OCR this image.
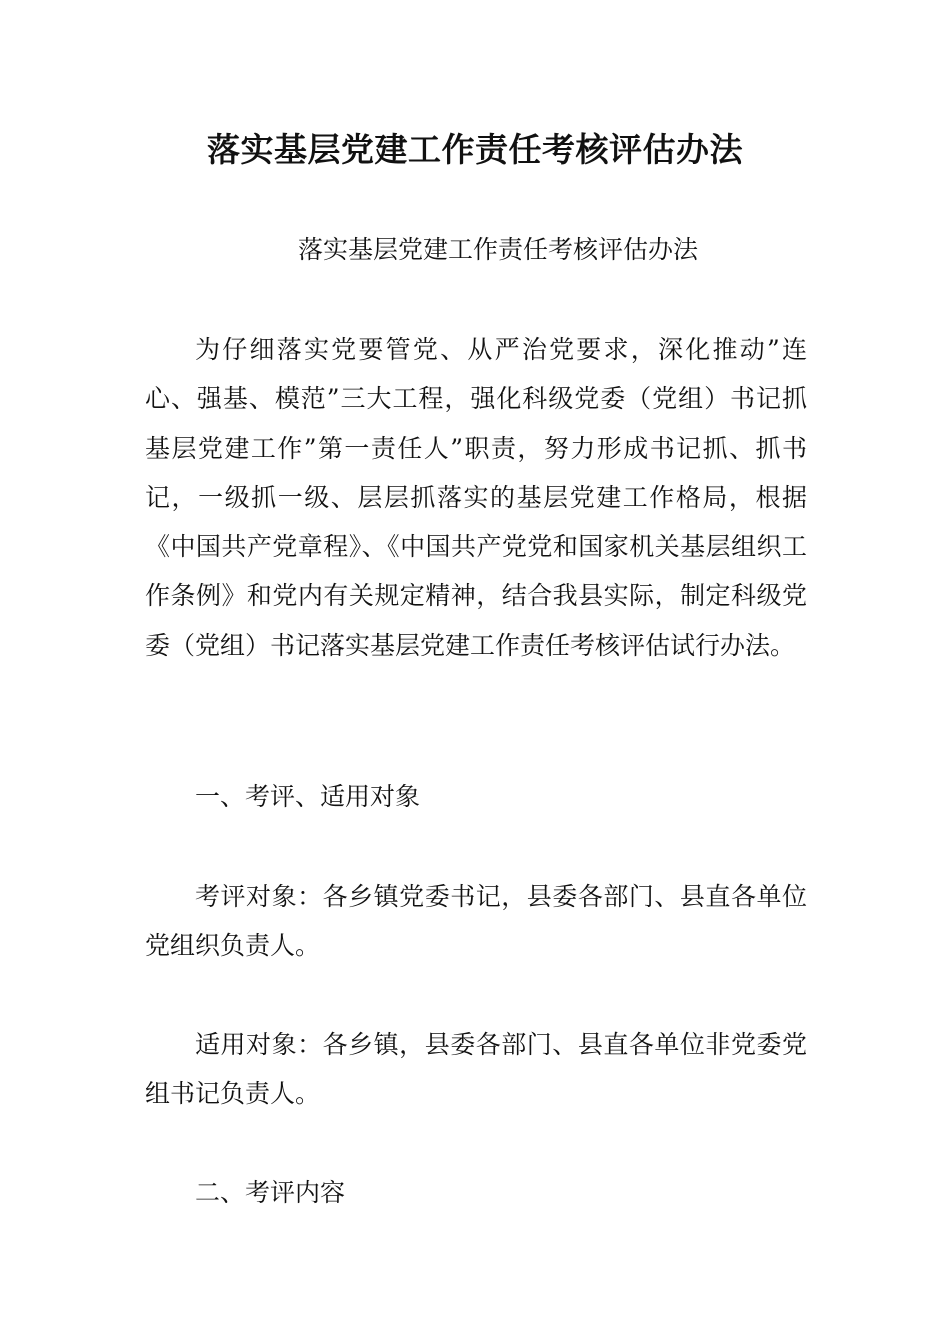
落实基层党建工作责任考核评估办法
落实基层党建工作责任考核评估办法

为仔细落实党要管党、从严治党要求，深化推动”连心、强基、模范”三大工程，强化科级党委（党组）书记抓基层党建工作”第一责任人”职责，努力形成书记抓、抓书记，一级抓一级、层层抓落实的基层党建工作格局，根据《中国共产党章程》、《中国共产党党和国家机关基层组织工作条例》和党内有关规定精神，结合我县实际，制定科级党委（党组）书记落实基层党建工作责任考核评估试行办法。

一、考评、适用对象

考评对象：各乡镇党委书记，县委各部门、县直各单位党组织负责人。

适用对象：各乡镇，县委各部门、县直各单位非党委党组书记负责人。

二、考评内容
